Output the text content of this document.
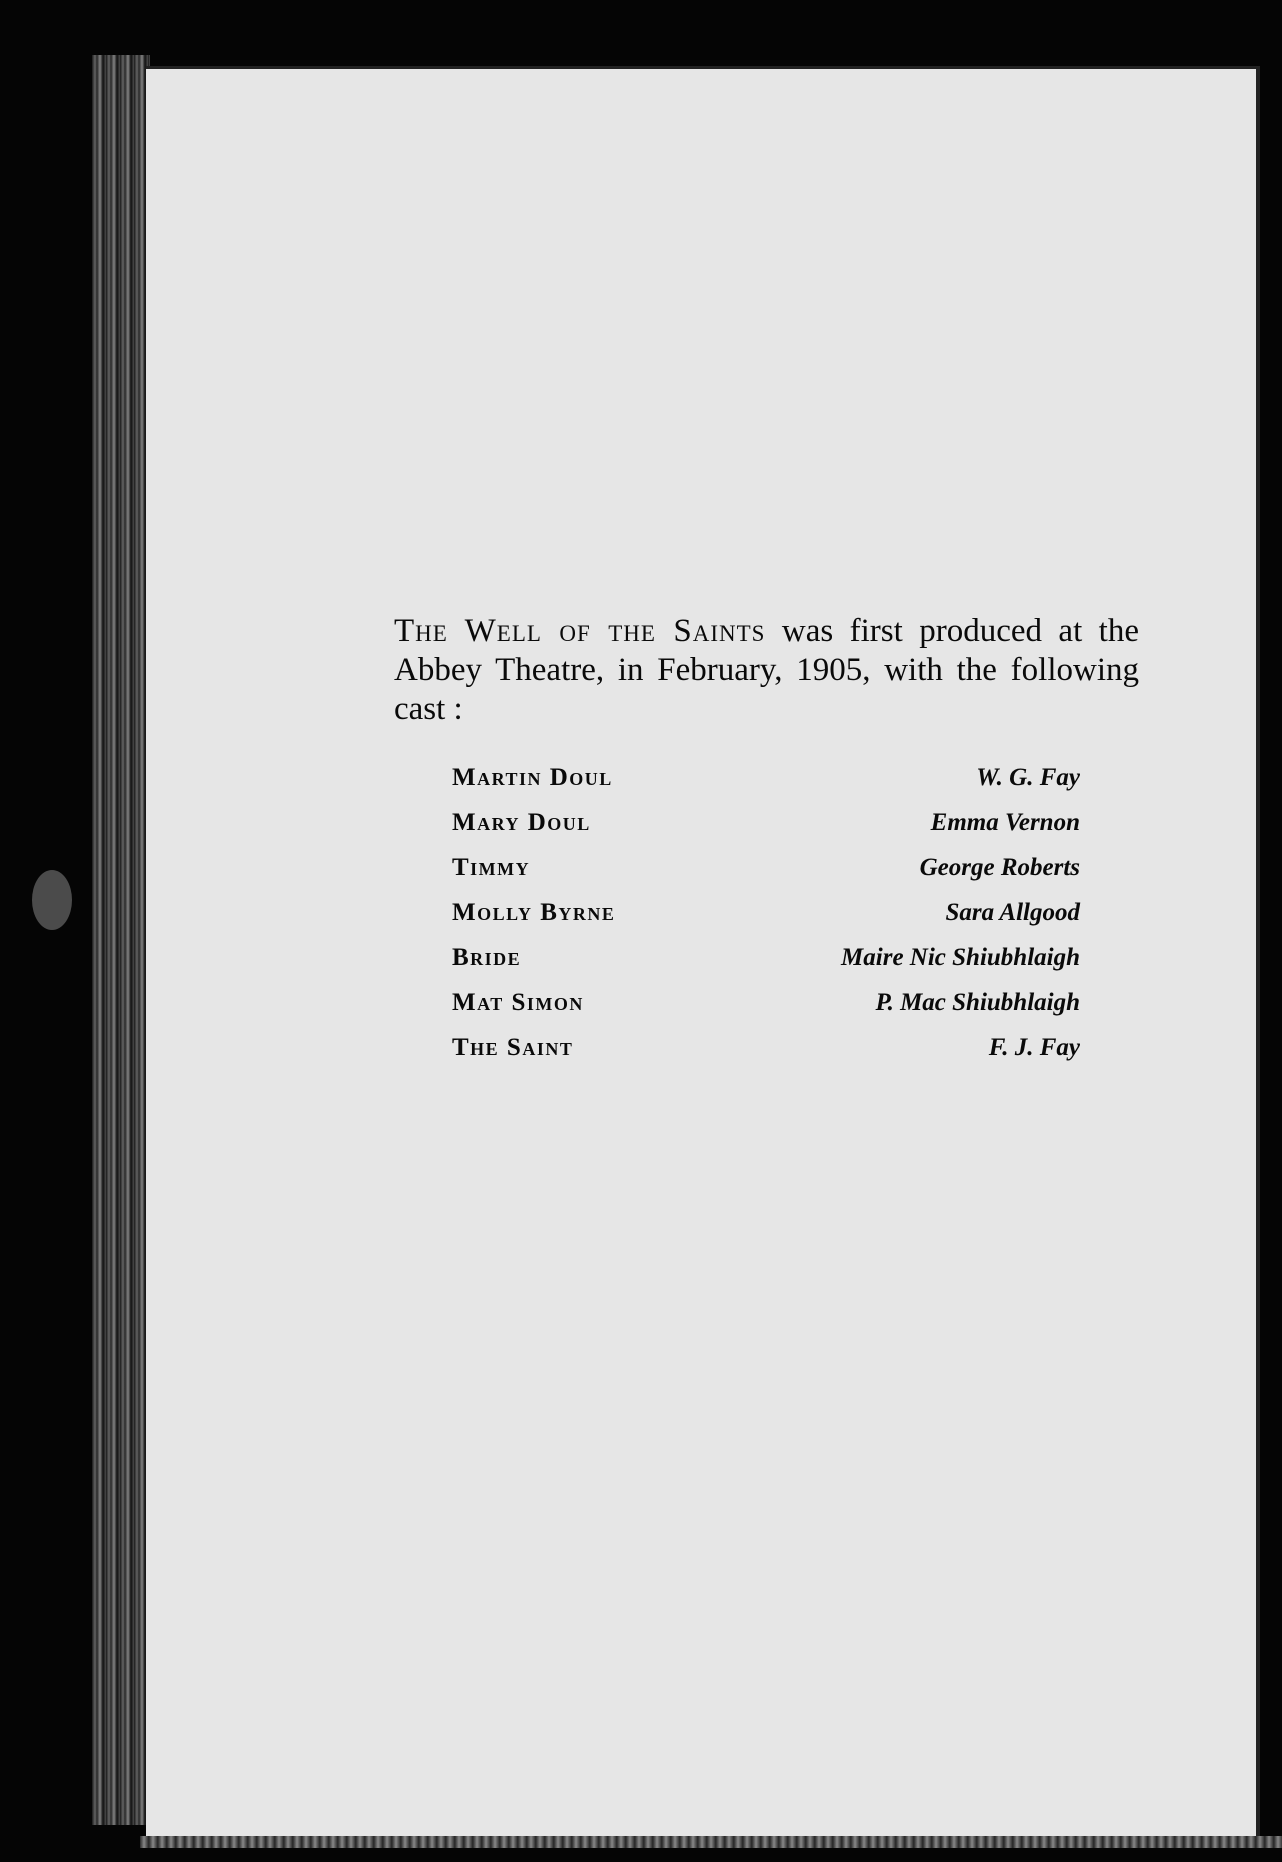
The Well of the Saints was first produced at the Abbey Theatre, in February, 1905, with the following cast :

Martin Doul	W. G. Fay
Mary Doul	Emma Vernon
Timmy	George Roberts
Molly Byrne	Sara Allgood
Bride	Maire Nic Shiubhlaigh
Mat Simon	P. Mac Shiubhlaigh
The Saint	F. J. Fay
